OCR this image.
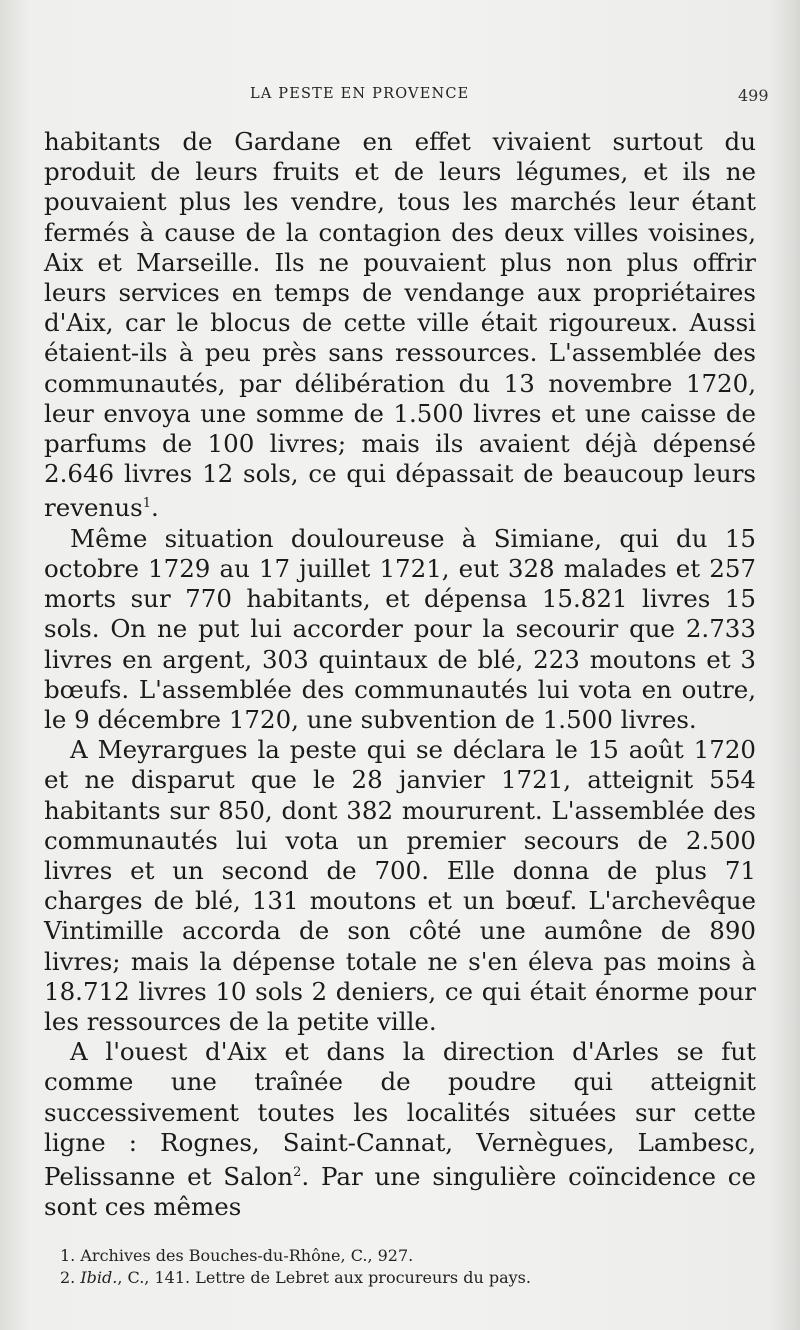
LA PESTE EN PROVENCE	499

habitants de Gardane en effet vivaient surtout du produit de leurs fruits et de leurs légumes, et ils ne pouvaient plus les vendre, tous les marchés leur étant fermés à cause de la contagion des deux villes voisines, Aix et Marseille. Ils ne pouvaient plus non plus offrir leurs services en temps de vendange aux propriétaires d'Aix, car le blocus de cette ville était rigoureux. Aussi étaient-ils à peu près sans ressources. L'assemblée des communautés, par délibération du 13 novembre 1720, leur envoya une somme de 1.500 livres et une caisse de parfums de 100 livres; mais ils avaient déjà dépensé 2.646 livres 12 sols, ce qui dépassait de beaucoup leurs revenus$^1$.

Même situation douloureuse à Simiane, qui du 15 octobre 1729 au 17 juillet 1721, eut 328 malades et 257 morts sur 770 habitants, et dépensa 15.821 livres 15 sols. On ne put lui accorder pour la secourir que 2.733 livres en argent, 303 quintaux de blé, 223 moutons et 3 bœufs. L'assemblée des communautés lui vota en outre, le 9 décembre 1720, une subvention de 1.500 livres.

A Meyrargues la peste qui se déclara le 15 août 1720 et ne disparut que le 28 janvier 1721, atteignit 554 habitants sur 850, dont 382 moururent. L'assemblée des communautés lui vota un premier secours de 2.500 livres et un second de 700. Elle donna de plus 71 charges de blé, 131 moutons et un bœuf. L'archevêque Vintimille accorda de son côté une aumône de 890 livres; mais la dépense totale ne s'en éleva pas moins à 18.712 livres 10 sols 2 deniers, ce qui était énorme pour les ressources de la petite ville.

A l'ouest d'Aix et dans la direction d'Arles se fut comme une traînée de poudre qui atteignit successivement toutes les localités situées sur cette ligne : Rognes, Saint-Cannat, Vernègues, Lambesc, Pelissanne et Salon$^2$. Par une singulière coïncidence ce sont ces mêmes

1. Archives des Bouches-du-Rhône, C., 927.
2. Ibid., C., 141. Lettre de Lebret aux procureurs du pays.
